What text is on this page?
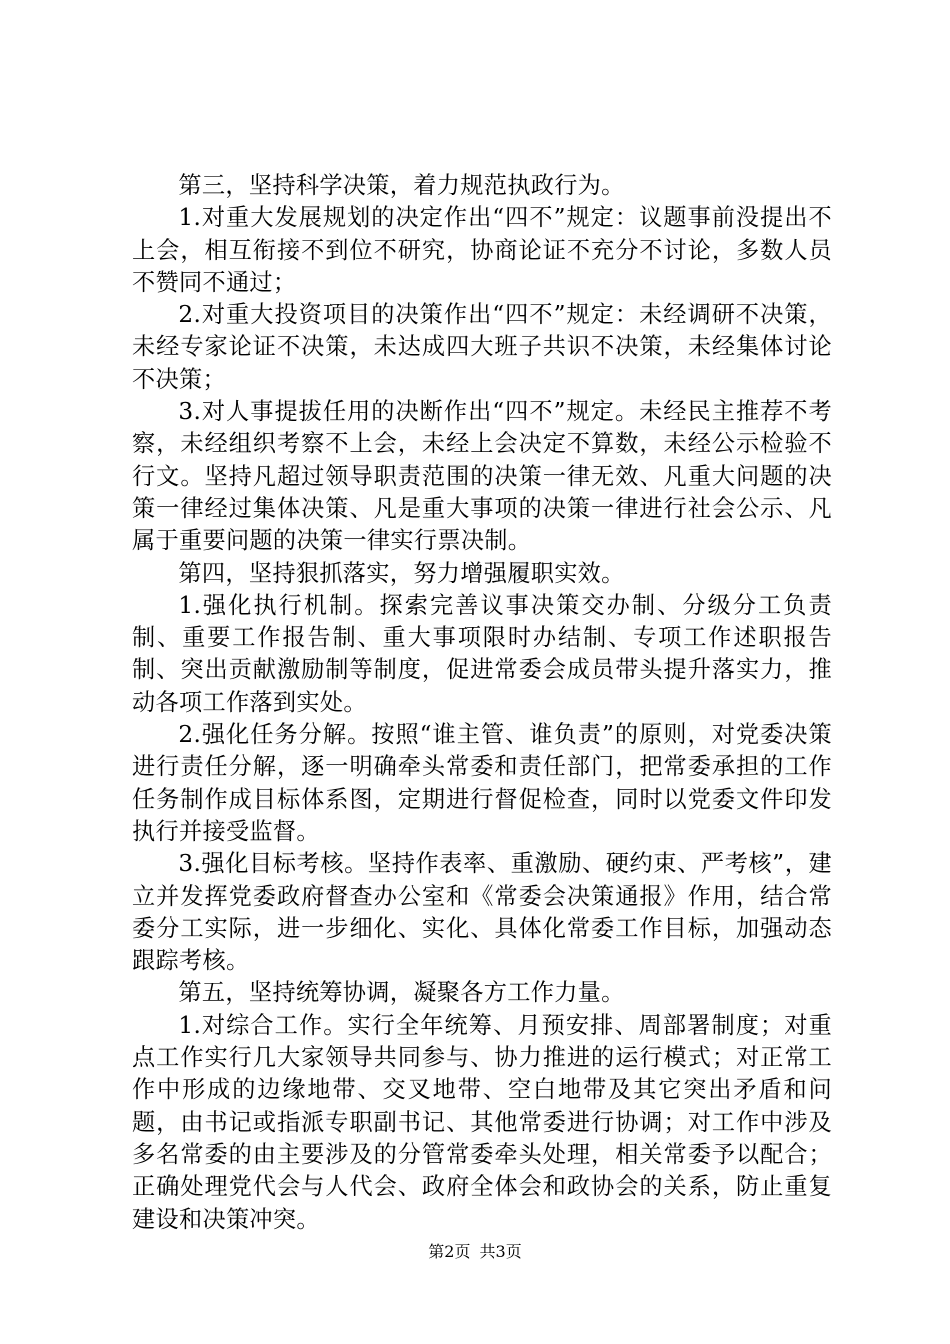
第三，坚持科学决策，着力规范执政行为。

1.对重大发展规划的决定作出“四不”规定：议题事前没提出不上会，相互衔接不到位不研究，协商论证不充分不讨论，多数人员不赞同不通过；

2.对重大投资项目的决策作出“四不”规定：未经调研不决策，未经专家论证不决策，未达成四大班子共识不决策，未经集体讨论不决策；

3.对人事提拔任用的决断作出“四不”规定。未经民主推荐不考察，未经组织考察不上会，未经上会决定不算数，未经公示检验不行文。坚持凡超过领导职责范围的决策一律无效、凡重大问题的决策一律经过集体决策、凡是重大事项的决策一律进行社会公示、凡属于重要问题的决策一律实行票决制。

第四，坚持狠抓落实，努力增强履职实效。

1.强化执行机制。探索完善议事决策交办制、分级分工负责制、重要工作报告制、重大事项限时办结制、专项工作述职报告制、突出贡献激励制等制度，促进常委会成员带头提升落实力，推动各项工作落到实处。

2.强化任务分解。按照“谁主管、谁负责”的原则，对党委决策进行责任分解，逐一明确牵头常委和责任部门，把常委承担的工作任务制作成目标体系图，定期进行督促检查，同时以党委文件印发执行并接受监督。

3.强化目标考核。坚持作表率、重激励、硬约束、严考核”，建立并发挥党委政府督查办公室和《常委会决策通报》作用，结合常委分工实际，进一步细化、实化、具体化常委工作目标，加强动态跟踪考核。

第五，坚持统筹协调，凝聚各方工作力量。

1.对综合工作。实行全年统筹、月预安排、周部署制度；对重点工作实行几大家领导共同参与、协力推进的运行模式；对正常工作中形成的边缘地带、交叉地带、空白地带及其它突出矛盾和问题，由书记或指派专职副书记、其他常委进行协调；对工作中涉及多名常委的由主要涉及的分管常委牵头处理，相关常委予以配合；正确处理党代会与人代会、政府全体会和政协会的关系，防止重复建设和决策冲突。

第2页 共3页
